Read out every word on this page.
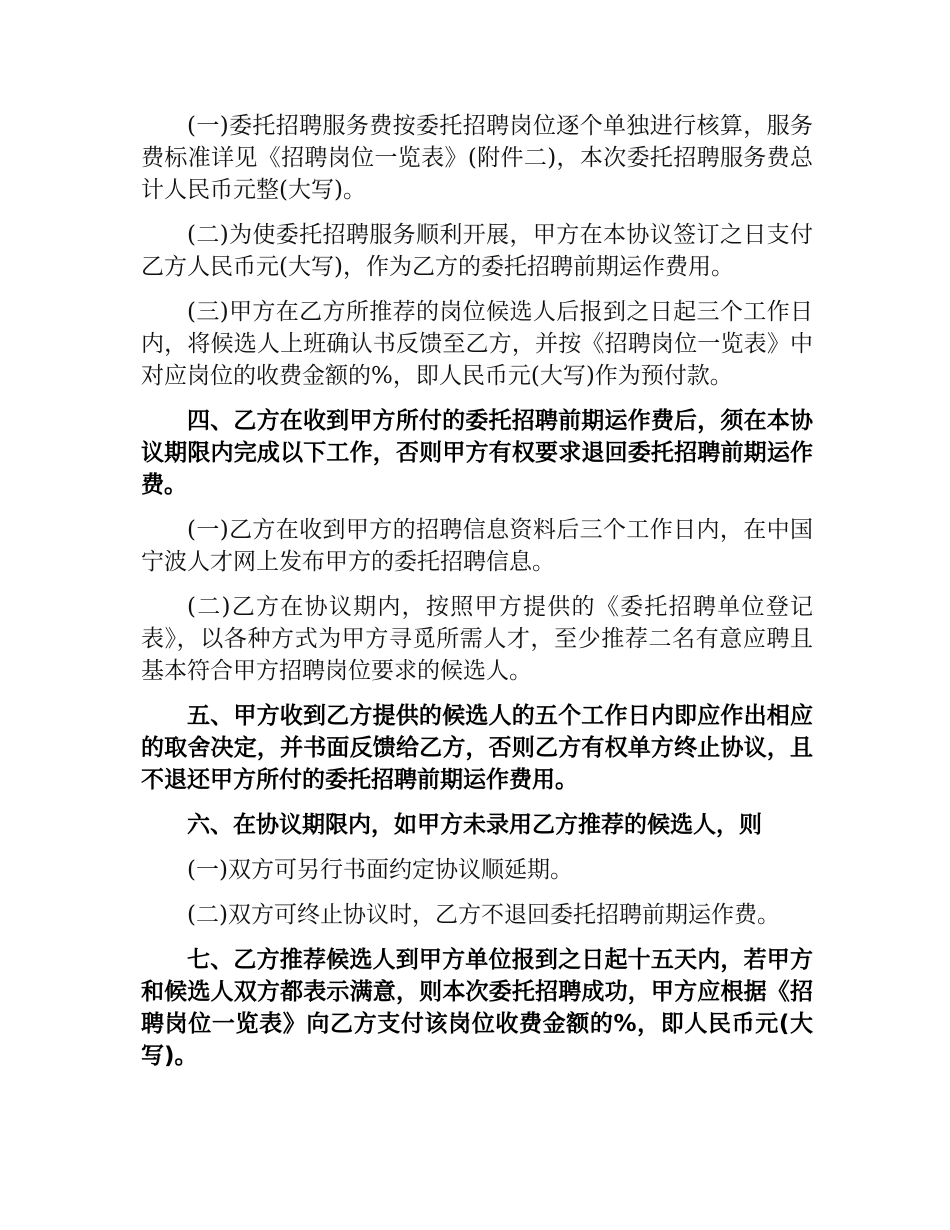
(一)委托招聘服务费按委托招聘岗位逐个单独进行核算，服务费标准详见《招聘岗位一览表》(附件二)，本次委托招聘服务费总计人民币元整(大写)。

(二)为使委托招聘服务顺利开展，甲方在本协议签订之日支付乙方人民币元(大写)，作为乙方的委托招聘前期运作费用。

(三)甲方在乙方所推荐的岗位候选人后报到之日起三个工作日内，将候选人上班确认书反馈至乙方，并按《招聘岗位一览表》中对应岗位的收费金额的%，即人民币元(大写)作为预付款。

四、乙方在收到甲方所付的委托招聘前期运作费后，须在本协议期限内完成以下工作，否则甲方有权要求退回委托招聘前期运作费。

(一)乙方在收到甲方的招聘信息资料后三个工作日内，在中国宁波人才网上发布甲方的委托招聘信息。

(二)乙方在协议期内，按照甲方提供的《委托招聘单位登记表》，以各种方式为甲方寻觅所需人才，至少推荐二名有意应聘且基本符合甲方招聘岗位要求的候选人。

五、甲方收到乙方提供的候选人的五个工作日内即应作出相应的取舍决定，并书面反馈给乙方，否则乙方有权单方终止协议，且不退还甲方所付的委托招聘前期运作费用。

六、在协议期限内，如甲方未录用乙方推荐的候选人，则

(一)双方可另行书面约定协议顺延期。

(二)双方可终止协议时，乙方不退回委托招聘前期运作费。

七、乙方推荐候选人到甲方单位报到之日起十五天内，若甲方和候选人双方都表示满意，则本次委托招聘成功，甲方应根据《招聘岗位一览表》向乙方支付该岗位收费金额的%，即人民币元(大写)。
